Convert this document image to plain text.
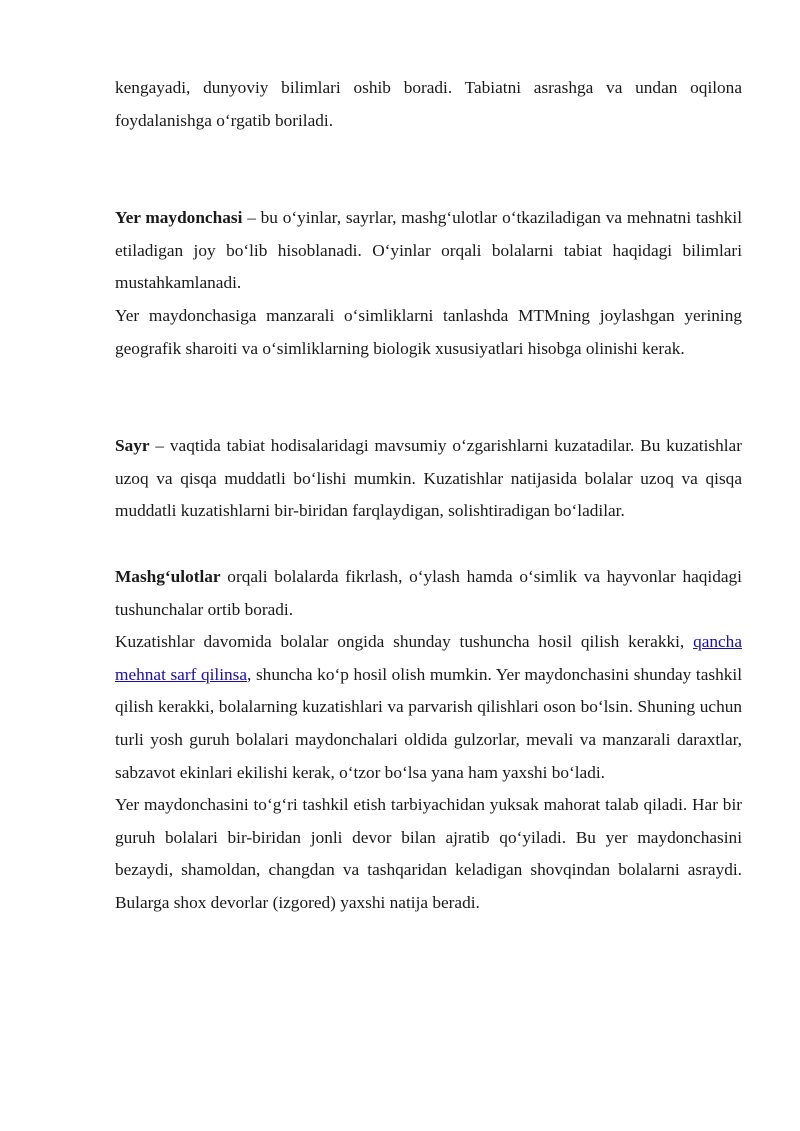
kengayadi, dunyoviy bilimlari oshib boradi. Tabiatni asrashga va undan oqilona foydalanishga o‘rgatib boriladi.

Yer maydonchasi – bu o‘yinlar, sayrlar, mashg‘ulotlar o‘tkaziladigan va mehnatni tashkil etiladigan joy bo‘lib hisoblanadi. O‘yinlar orqali bolalarni tabiat haqidagi bilimlari mustahkamlanadi.

Yer maydonchasiga manzarali o‘simliklarni tanlashda MTMning joylashgan yerining geografik sharoiti va o‘simliklarning biologik xususiyatlari hisobga olinishi kerak.

Sayr – vaqtida tabiat hodisalaridagi mavsumiy o‘zgarishlarni kuzatadilar. Bu kuzatishlar uzoq va qisqa muddatli bo‘lishi mumkin. Kuzatishlar natijasida bolalar uzoq va qisqa muddatli kuzatishlarni bir-biridan farqlaydigan, solishtiradigan bo‘ladilar.

Mashg‘ulotlar orqali bolalarda fikrlash, o‘ylash hamda o‘simlik va hayvonlar haqidagi tushunchalar ortib boradi.

Kuzatishlar davomida bolalar ongida shunday tushuncha hosil qilish kerakki, qancha mehnat sarf qilinsa, shuncha ko‘p hosil olish mumkin. Yer maydonchasini shunday tashkil qilish kerakki, bolalarning kuzatishlari va parvarish qilishlari oson bo‘lsin. Shuning uchun turli yosh guruh bolalari maydonchalari oldida gulzorlar, mevali va manzarali daraxtlar, sabzavot ekinlari ekilishi kerak, o‘tzor bo‘lsa yana ham yaxshi bo‘ladi.

Yer maydonchasini to‘g‘ri tashkil etish tarbiyachidan yuksak mahorat talab qiladi. Har bir guruh bolalari bir-biridan jonli devor bilan ajratib qo‘yiladi. Bu yer maydonchasini bezaydi, shamoldan, changdan va tashqaridan keladigan shovqindan bolalarni asraydi. Bularga shox devorlar (izgored) yaxshi natija beradi.
